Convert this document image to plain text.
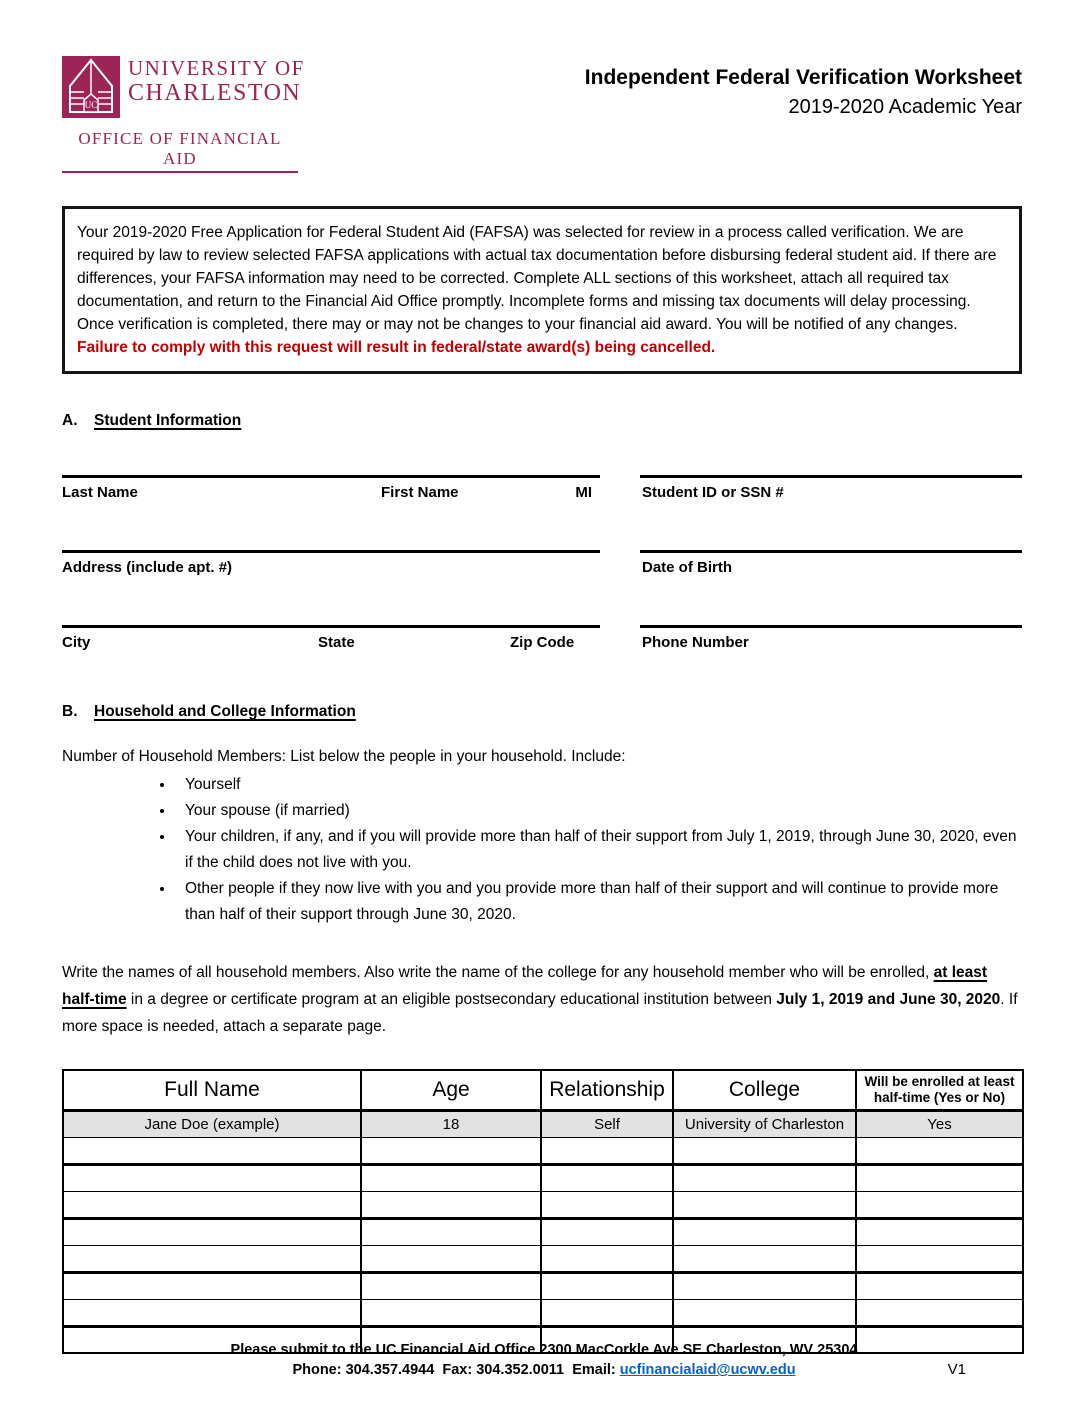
UC
UNIVERSITY OF
CHARLESTON
OFFICE OF FINANCIAL AID
Independent Federal Verification Worksheet
2019-2020 Academic Year
Your 2019-2020 Free Application for Federal Student Aid (FAFSA) was selected for review in a process called verification. We are required by law to review selected FAFSA applications with actual tax documentation before disbursing federal student aid. If there are differences, your FAFSA information may need to be corrected. Complete ALL sections of this worksheet, attach all required tax documentation, and return to the Financial Aid Office promptly. Incomplete forms and missing tax documents will delay processing. Once verification is completed, there may or may not be changes to your financial aid award. You will be notified of any changes. Failure to comply with this request will result in federal/state award(s) being cancelled.
A. Student Information
Last Name	First Name	MI	Student ID or SSN #
Address (include apt. #)	Date of Birth
City	State	Zip Code	Phone Number
B. Household and College Information
Number of Household Members: List below the people in your household. Include:
• Yourself
• Your spouse (if married)
• Your children, if any, and if you will provide more than half of their support from July 1, 2019, through June 30, 2020, even if the child does not live with you.
• Other people if they now live with you and you provide more than half of their support and will continue to provide more than half of their support through June 30, 2020.
Write the names of all household members. Also write the name of the college for any household member who will be enrolled, at least half-time in a degree or certificate program at an eligible postsecondary educational institution between July 1, 2019 and June 30, 2020. If more space is needed, attach a separate page.
Full Name	Age	Relationship	College	Will be enrolled at least half-time (Yes or No)
Jane Doe (example)	18	Self	University of Charleston	Yes

Please submit to the UC Financial Aid Office 2300 MacCorkle Ave SE Charleston, WV 25304
Phone: 304.357.4944 Fax: 304.352.0011 Email: ucfinancialaid@ucwv.edu	V1
